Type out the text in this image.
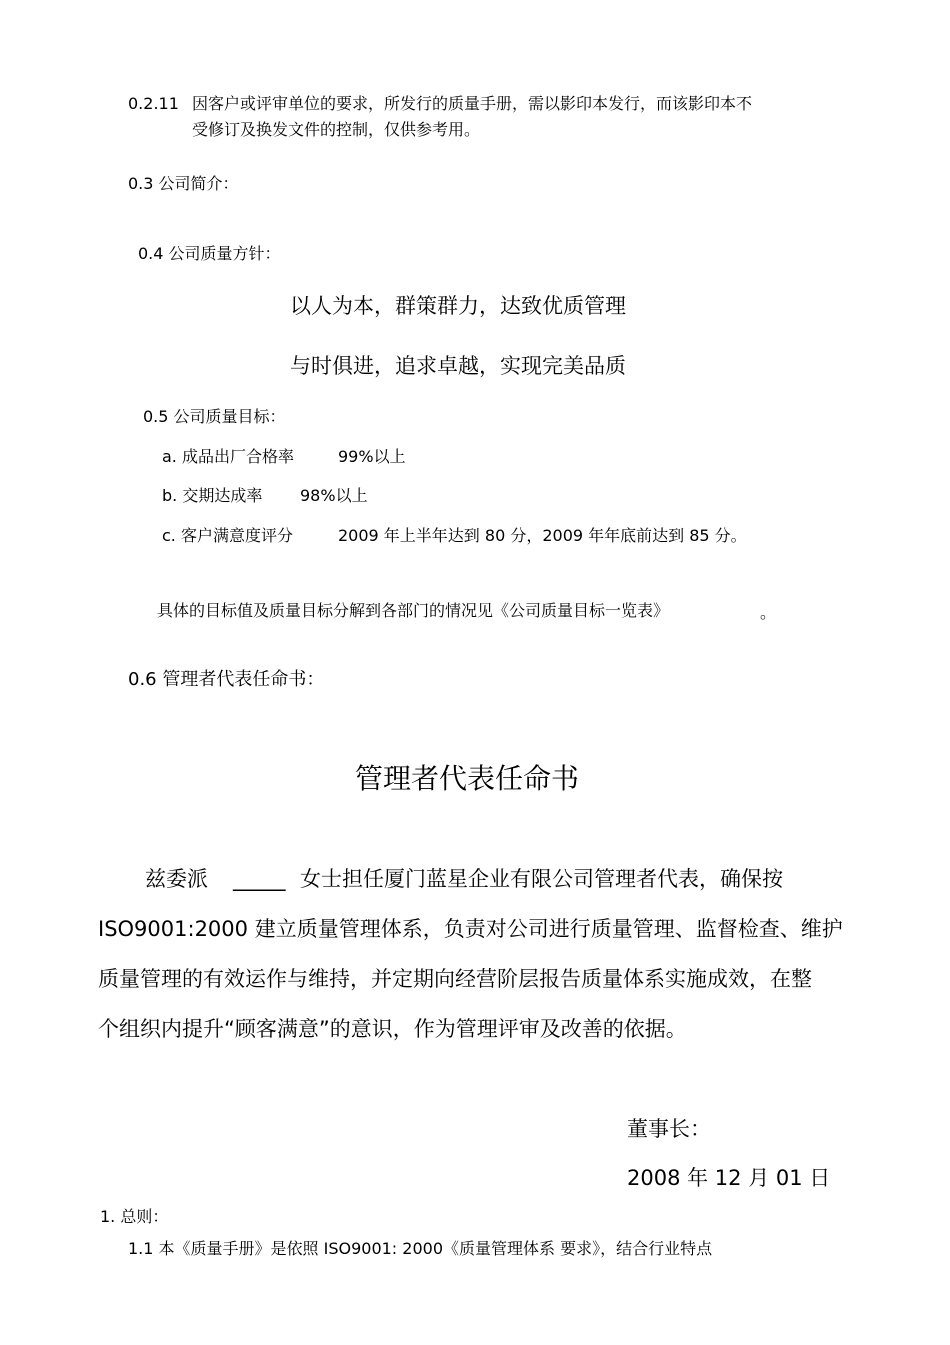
0.2.11 因客户或评审单位的要求，所发行的质量手册，需以影印本发行，而该影印本不
受修订及换发文件的控制，仅供参考用。
0.3 公司简介：
0.4 公司质量方针：
以人为本，群策群力，达致优质管理
与时俱进，追求卓越，实现完美品质
0.5 公司质量目标：
a. 成品出厂合格率	99%以上
b. 交期达成率 98%以上
c. 客户满意度评分	2009 年上半年达到 80 分，2009 年年底前达到 85 分。
具体的目标值及质量目标分解到各部门的情况见《公司质量目标一览表》	。
0.6 管理者代表任命书：
管理者代表任命书
兹委派 _____ 女士担任厦门蓝星企业有限公司管理者代表，确保按
ISO9001:2000 建立质量管理体系，负责对公司进行质量管理、监督检查、维护
质量管理的有效运作与维持，并定期向经营阶层报告质量体系实施成效，在整
个组织内提升“顾客满意”的意识，作为管理评审及改善的依据。
董事长：
2008 年 12 月 01 日
1. 总则：
1.1 本《质量手册》是依照 ISO9001: 2000《质量管理体系 要求》，结合行业特点
